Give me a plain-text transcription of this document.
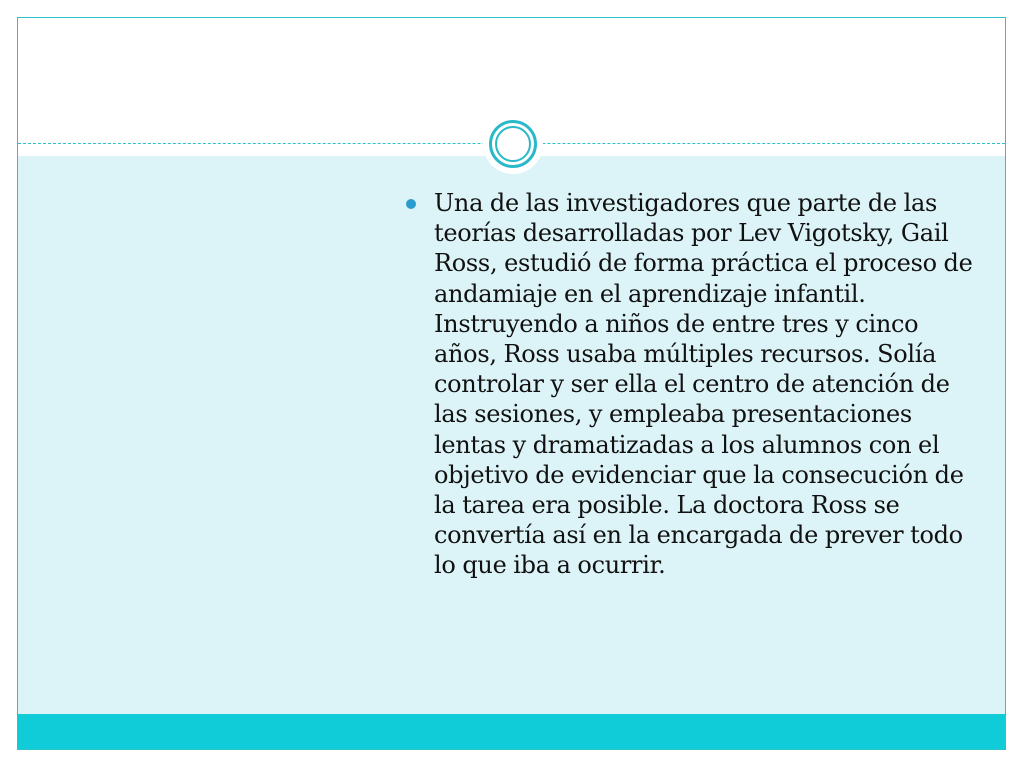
Una de las investigadores que parte de las teorías desarrolladas por Lev Vigotsky, Gail Ross, estudió de forma práctica el proceso de andamiaje en el aprendizaje infantil. Instruyendo a niños de entre tres y cinco años, Ross usaba múltiples recursos. Solía controlar y ser ella el centro de atención de las sesiones, y empleaba presentaciones lentas y dramatizadas a los alumnos con el objetivo de evidenciar que la consecución de la tarea era posible. La doctora Ross se convertía así en la encargada de prever todo lo que iba a ocurrir.
